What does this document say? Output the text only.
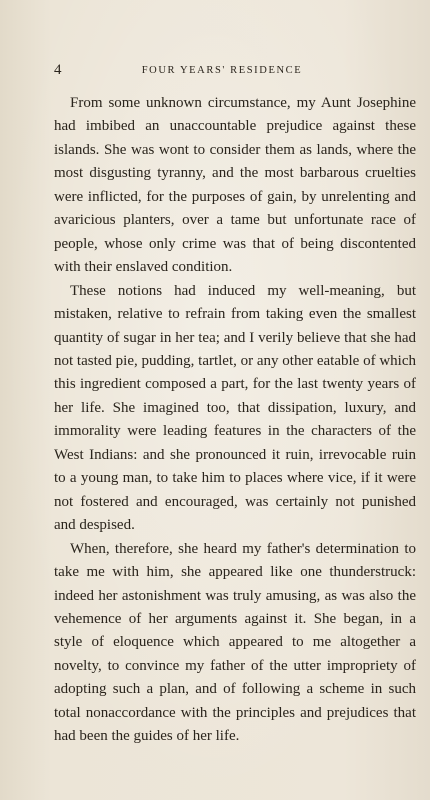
4	FOUR YEARS' RESIDENCE

From some unknown circumstance, my Aunt Josephine had imbibed an unaccountable prejudice against these islands. She was wont to consider them as lands, where the most disgusting tyranny, and the most barbarous cruelties were inflicted, for the purposes of gain, by unrelenting and avaricious planters, over a tame but unfortunate race of people, whose only crime was that of being discontented with their enslaved condition.

These notions had induced my well-meaning, but mistaken, relative to refrain from taking even the smallest quantity of sugar in her tea; and I verily believe that she had not tasted pie, pudding, tartlet, or any other eatable of which this ingredient composed a part, for the last twenty years of her life. She imagined too, that dissipation, luxury, and immorality were leading features in the characters of the West Indians: and she pronounced it ruin, irrevocable ruin to a young man, to take him to places where vice, if it were not fostered and encouraged, was certainly not punished and despised.

When, therefore, she heard my father's determination to take me with him, she appeared like one thunderstruck: indeed her astonishment was truly amusing, as was also the vehemence of her arguments against it. She began, in a style of eloquence which appeared to me altogether a novelty, to convince my father of the utter impropriety of adopting such a plan, and of following a scheme in such total nonaccordance with the principles and prejudices that had been the guides of her life.
